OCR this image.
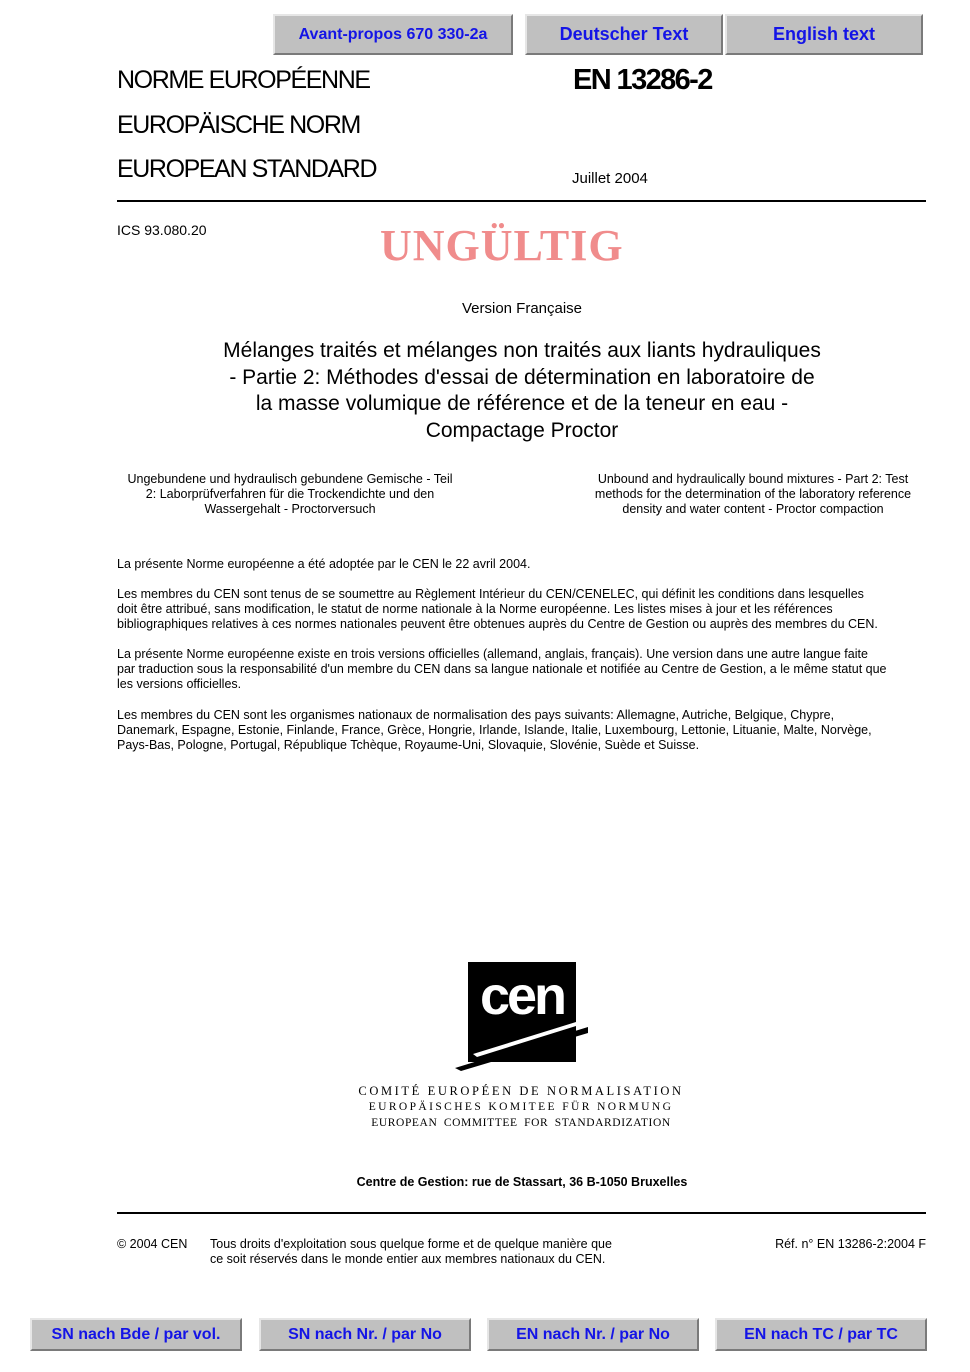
Avant-propos 670 330-2a	Deutscher Text	English text
NORME EUROPÉENNE
EUROPÄISCHE NORM
EUROPEAN STANDARD
EN 13286-2
Juillet 2004
ICS 93.080.20	UNGÜLTIG
Version Française
Mélanges traités et mélanges non traités aux liants hydrauliques
- Partie 2: Méthodes d'essai de détermination en laboratoire de
la masse volumique de référence et de la teneur en eau -
Compactage Proctor
Ungebundene und hydraulisch gebundene Gemische - Teil
2: Laborprüfverfahren für die Trockendichte und den
Wassergehalt - Proctorversuch
Unbound and hydraulically bound mixtures - Part 2: Test
methods for the determination of the laboratory reference
density and water content - Proctor compaction
La présente Norme européenne a été adoptée par le CEN le 22 avril 2004.
Les membres du CEN sont tenus de se soumettre au Règlement Intérieur du CEN/CENELEC, qui définit les conditions dans lesquelles
doit être attribué, sans modification, le statut de norme nationale à la Norme européenne. Les listes mises à jour et les références
bibliographiques relatives à ces normes nationales peuvent être obtenues auprès du Centre de Gestion ou auprès des membres du CEN.
La présente Norme européenne existe en trois versions officielles (allemand, anglais, français). Une version dans une autre langue faite
par traduction sous la responsabilité d'un membre du CEN dans sa langue nationale et notifiée au Centre de Gestion, a le même statut que
les versions officielles.
Les membres du CEN sont les organismes nationaux de normalisation des pays suivants: Allemagne, Autriche, Belgique, Chypre,
Danemark, Espagne, Estonie, Finlande, France, Grèce, Hongrie, Irlande, Islande, Italie, Luxembourg, Lettonie, Lituanie, Malte, Norvège,
Pays-Bas, Pologne, Portugal, République Tchèque, Royaume-Uni, Slovaquie, Slovénie, Suède et Suisse.
cen
COMITÉ EUROPÉEN DE NORMALISATION
EUROPÄISCHES KOMITEE FÜR NORMUNG
EUROPEAN COMMITTEE FOR STANDARDIZATION
Centre de Gestion: rue de Stassart, 36 B-1050 Bruxelles
© 2004 CEN Tous droits d'exploitation sous quelque forme et de quelque manière que
ce soit réservés dans le monde entier aux membres nationaux du CEN.
Réf. n° EN 13286-2:2004 F
SN nach Bde / par vol.	SN nach Nr. / par No	EN nach Nr. / par No	EN nach TC / par TC
